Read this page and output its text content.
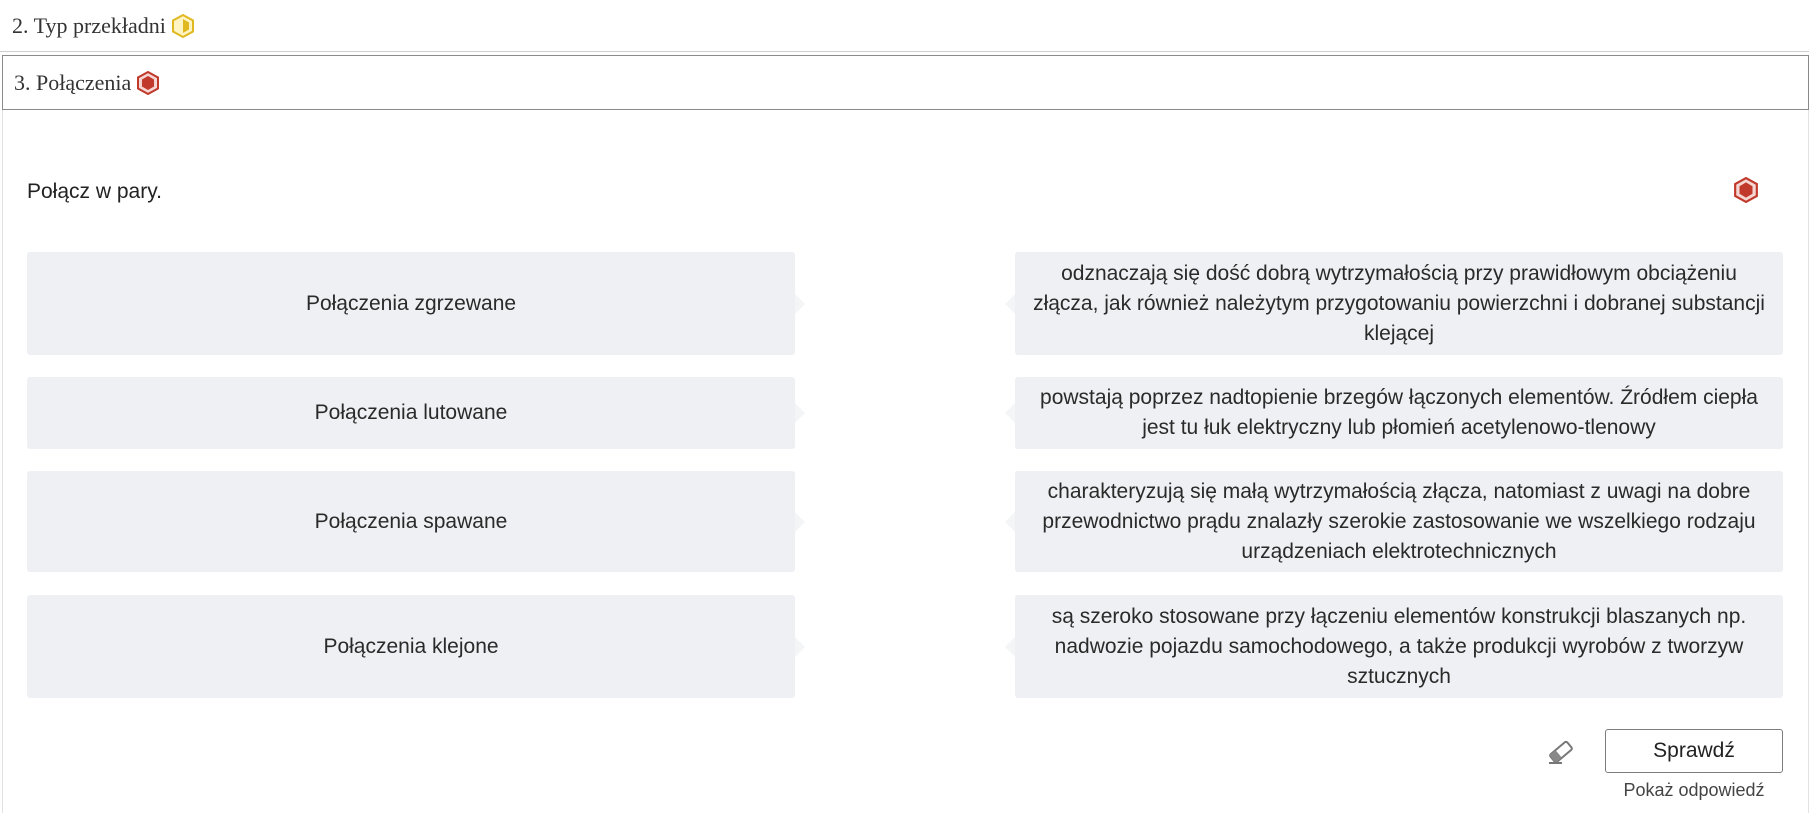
2. Typ przekładni
3. Połączenia
Połącz w pary.
Połączenia zgrzewane
Połączenia lutowane
Połączenia spawane
Połączenia klejone
odznaczają się dość dobrą wytrzymałością przy prawidłowym obciążeniu złącza, jak również należytym przygotowaniu powierzchni i dobranej substancji klejącej
powstają poprzez nadtopienie brzegów łączonych elementów. Źródłem ciepła jest tu łuk elektryczny lub płomień acetylenowo-tlenowy
charakteryzują się małą wytrzymałością złącza, natomiast z uwagi na dobre przewodnictwo prądu znalazły szerokie zastosowanie we wszelkiego rodzaju urządzeniach elektrotechnicznych
są szeroko stosowane przy łączeniu elementów konstrukcji blaszanych np. nadwozie pojazdu samochodowego, a także produkcji wyrobów z tworzyw sztucznych
Sprawdź
Pokaż odpowiedź
